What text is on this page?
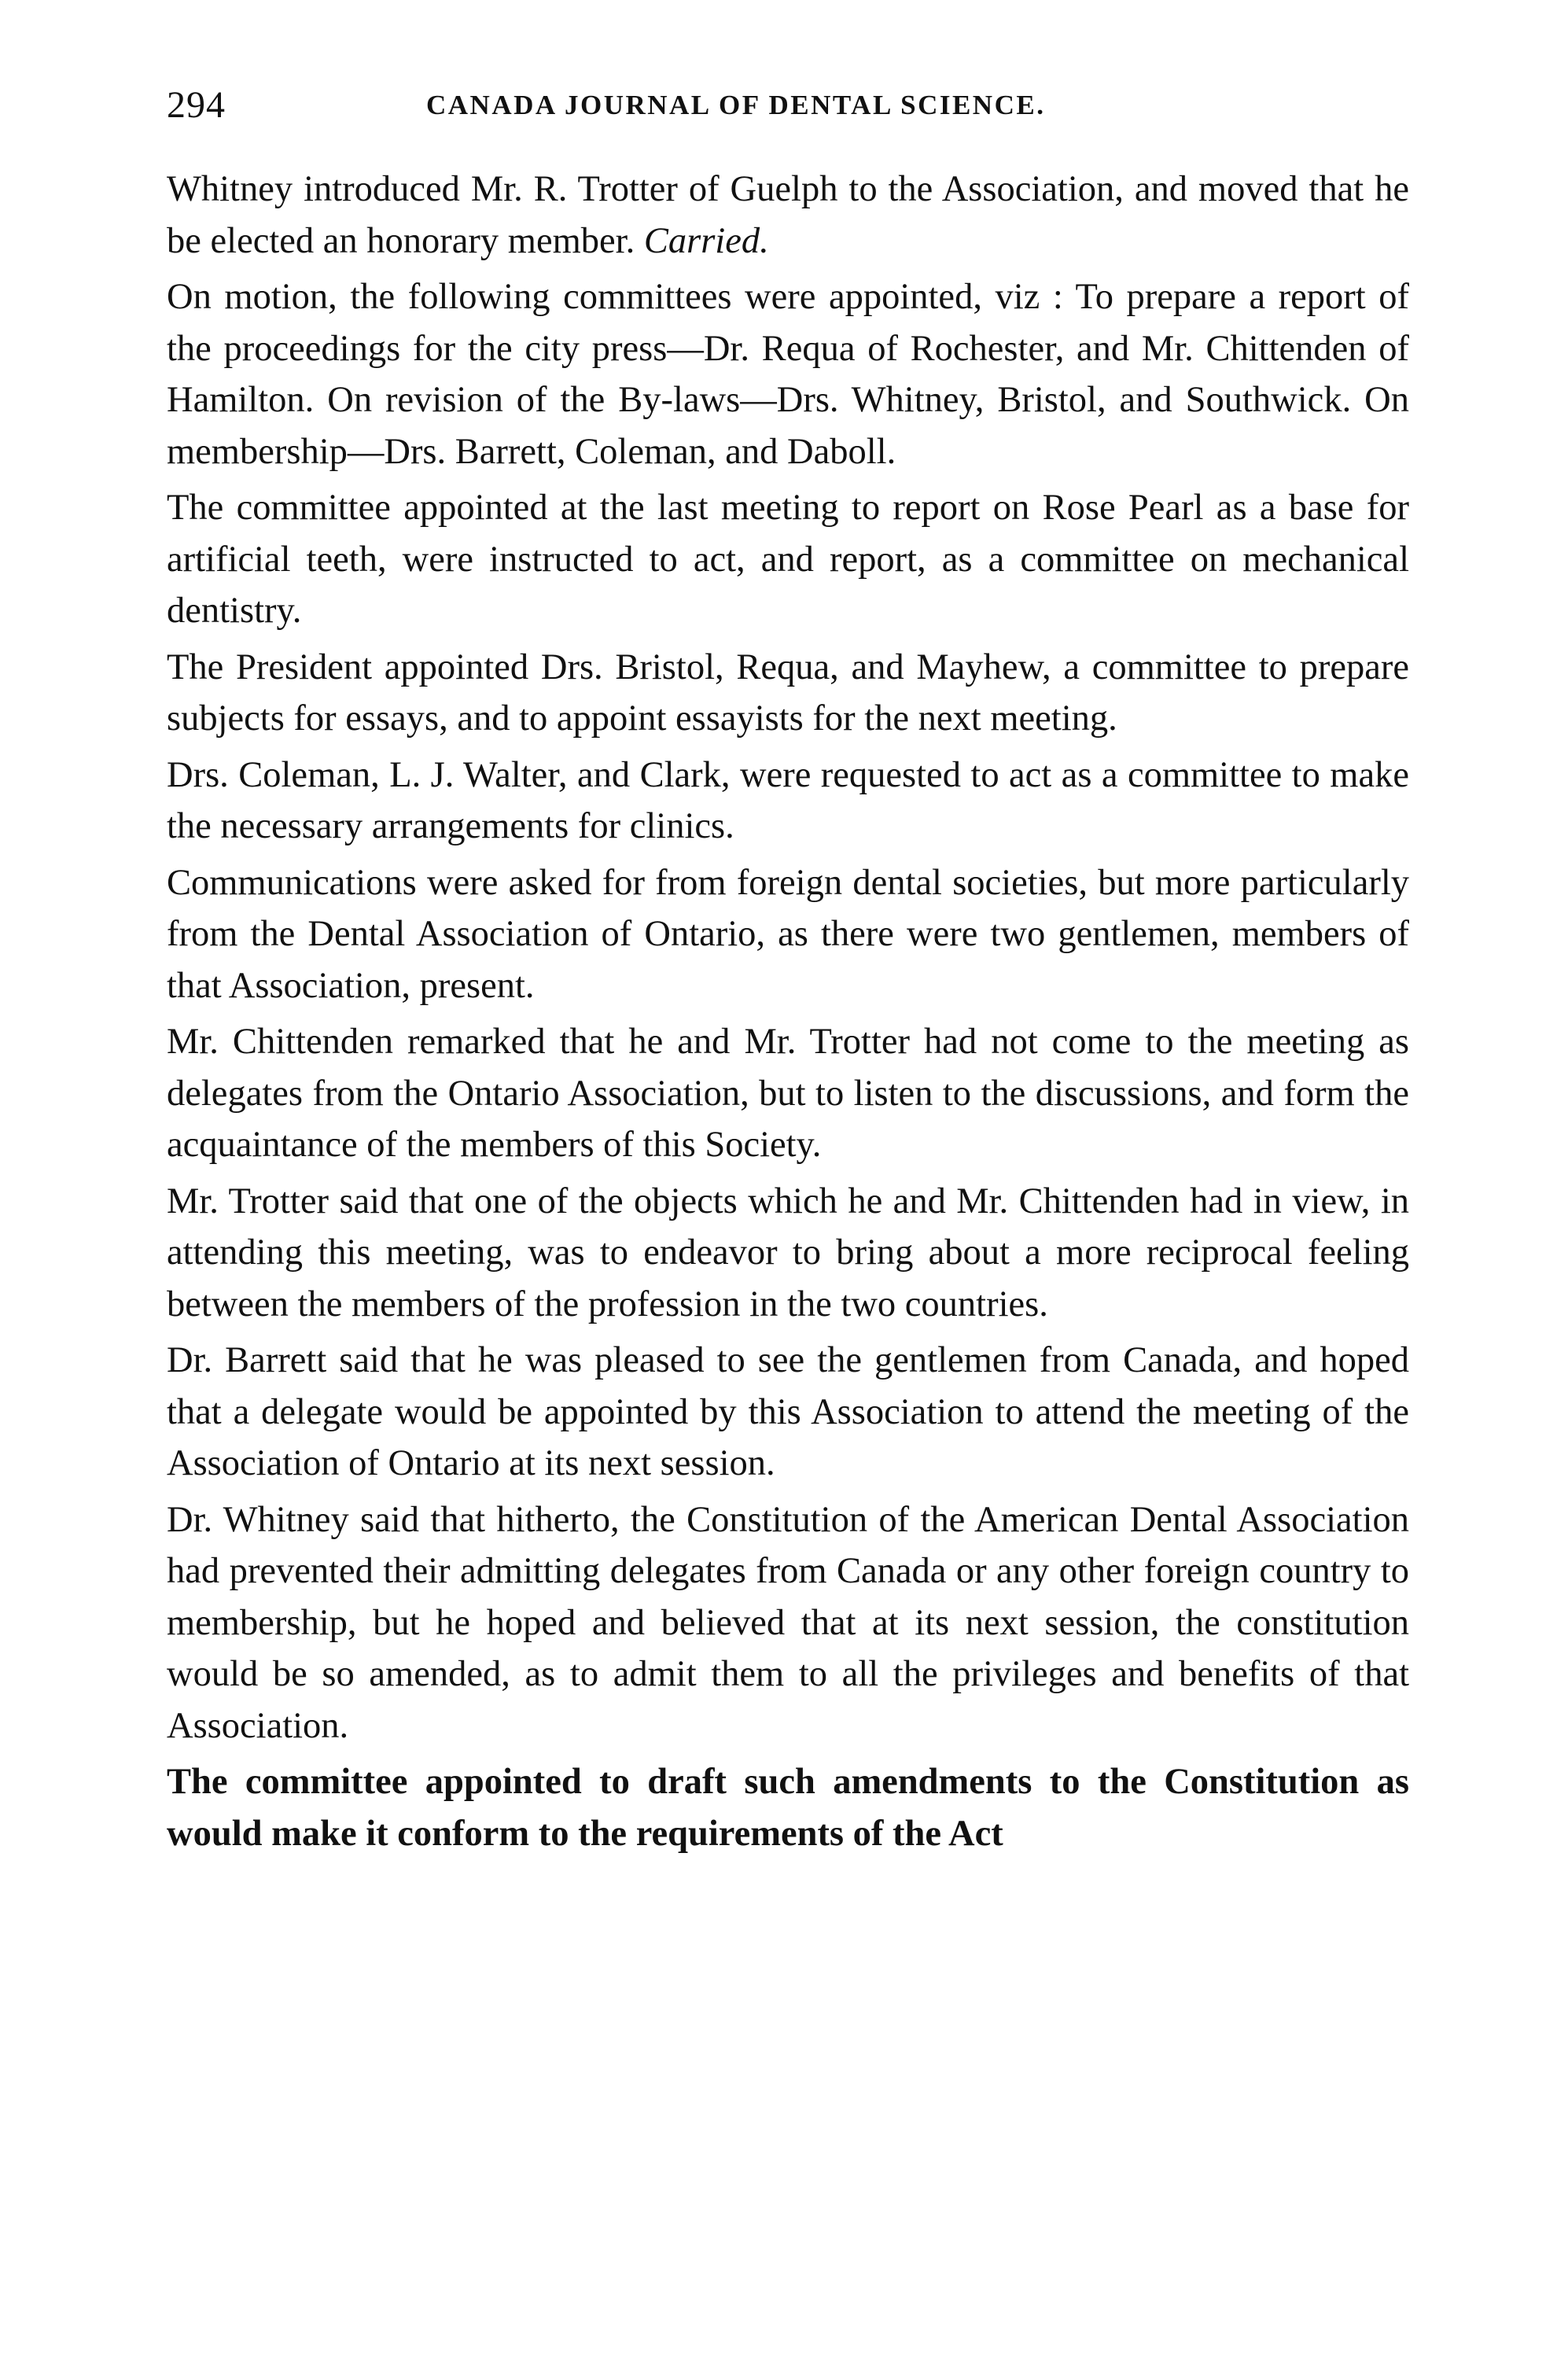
294	CANADA JOURNAL OF DENTAL SCIENCE.

Whitney introduced Mr. R. Trotter of Guelph to the Association, and moved that he be elected an honorary member. Carried.

On motion, the following committees were appointed, viz : To prepare a report of the proceedings for the city press—Dr. Requa of Rochester, and Mr. Chittenden of Hamilton. On revision of the By-laws—Drs. Whitney, Bristol, and Southwick. On membership—Drs. Barrett, Coleman, and Daboll.

The committee appointed at the last meeting to report on Rose Pearl as a base for artificial teeth, were instructed to act, and report, as a committee on mechanical dentistry.

The President appointed Drs. Bristol, Requa, and Mayhew, a committee to prepare subjects for essays, and to appoint essayists for the next meeting.

Drs. Coleman, L. J. Walter, and Clark, were requested to act as a committee to make the necessary arrangements for clinics.

Communications were asked for from foreign dental societies, but more particularly from the Dental Association of Ontario, as there were two gentlemen, members of that Association, present.

Mr. Chittenden remarked that he and Mr. Trotter had not come to the meeting as delegates from the Ontario Association, but to listen to the discussions, and form the acquaintance of the members of this Society.

Mr. Trotter said that one of the objects which he and Mr. Chittenden had in view, in attending this meeting, was to endeavor to bring about a more reciprocal feeling between the members of the profession in the two countries.

Dr. Barrett said that he was pleased to see the gentlemen from Canada, and hoped that a delegate would be appointed by this Association to attend the meeting of the Association of Ontario at its next session.

Dr. Whitney said that hitherto, the Constitution of the American Dental Association had prevented their admitting delegates from Canada or any other foreign country to membership, but he hoped and believed that at its next session, the constitution would be so amended, as to admit them to all the privileges and benefits of that Association.

The committee appointed to draft such amendments to the Constitution as would make it conform to the requirements of the Act
